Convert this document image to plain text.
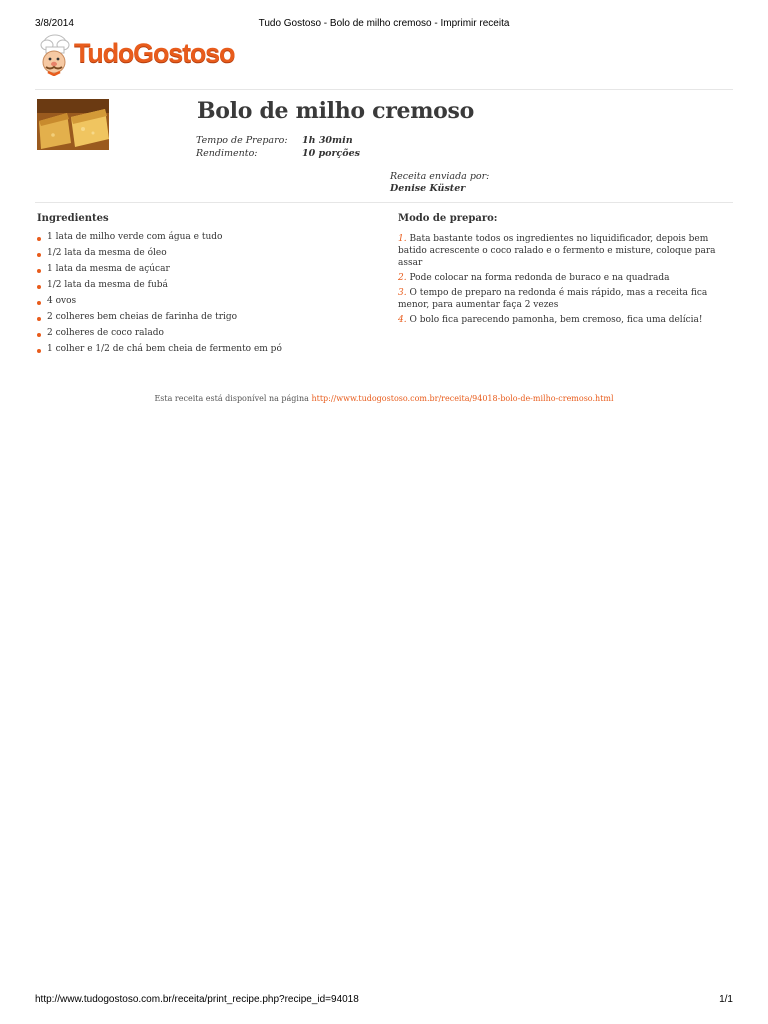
3/8/2014	Tudo Gostoso - Bolo de milho cremoso - Imprimir receita
TudoGostoso
Bolo de milho cremoso
Tempo de Preparo: 1h 30min
Rendimento:	10 porções
Receita enviada por:
Denise Küster
Ingredientes
1 lata de milho verde com água e tudo
1/2 lata da mesma de óleo
1 lata da mesma de açúcar
1/2 lata da mesma de fubá
4 ovos
2 colheres bem cheias de farinha de trigo
2 colheres de coco ralado
1 colher e 1/2 de chá bem cheia de fermento em pó
Modo de preparo:
1. Bata bastante todos os ingredientes no liquidificador, depois bem batido acrescente o coco ralado e o fermento e misture, coloque para assar
2. Pode colocar na forma redonda de buraco e na quadrada
3. O tempo de preparo na redonda é mais rápido, mas a receita fica menor, para aumentar faça 2 vezes
4. O bolo fica parecendo pamonha, bem cremoso, fica uma delícia!
Esta receita está disponível na página http://www.tudogostoso.com.br/receita/94018-bolo-de-milho-cremoso.html
http://www.tudogostoso.com.br/receita/print_recipe.php?recipe_id=94018	1/1
